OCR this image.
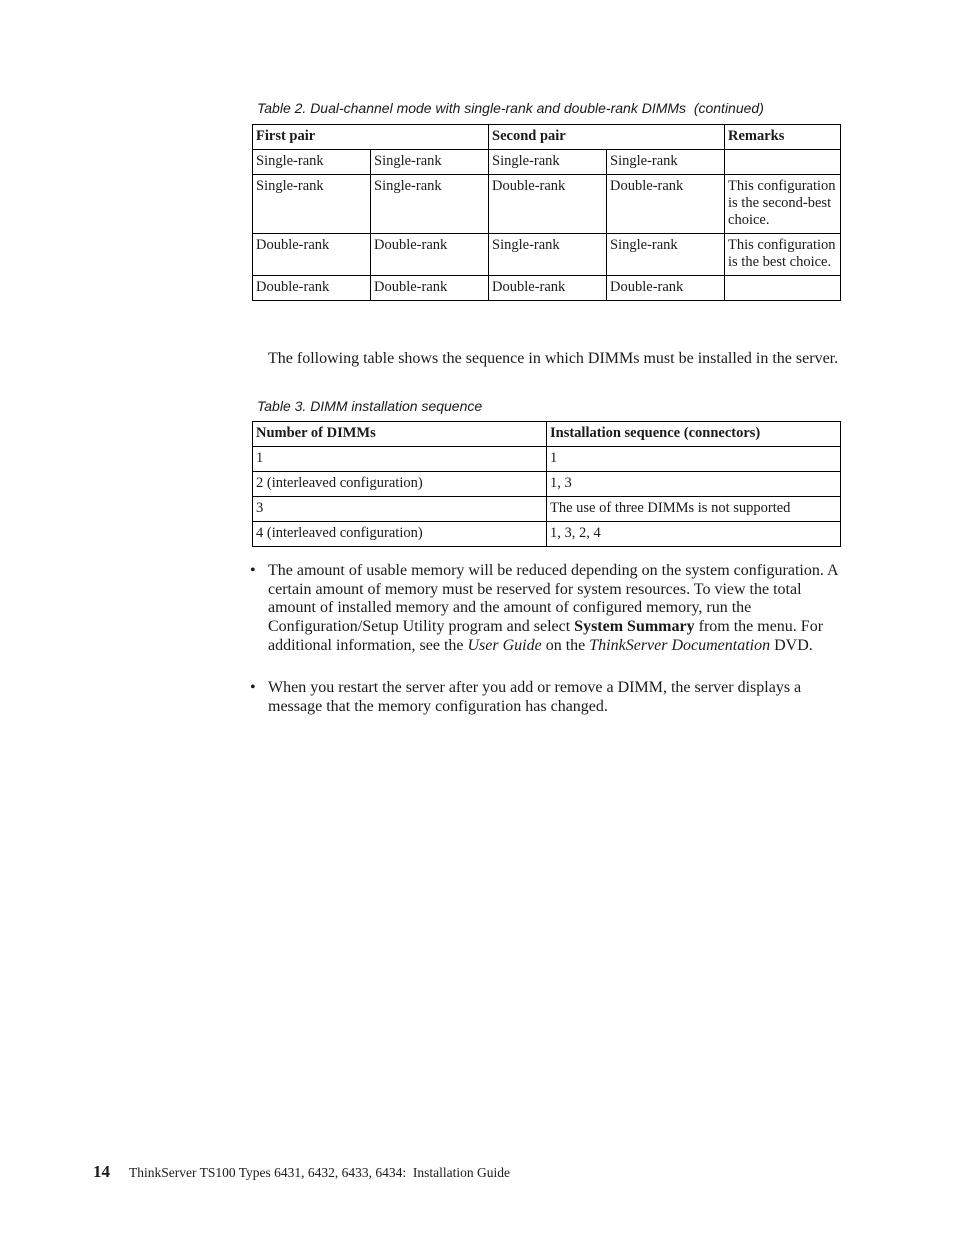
Table 2. Dual-channel mode with single-rank and double-rank DIMMs  (continued)
First pair		Second pair		Remarks
Single-rank	Single-rank	Single-rank	Single-rank	
Single-rank	Single-rank	Double-rank	Double-rank	This configuration is the second-best choice.
Double-rank	Double-rank	Single-rank	Single-rank	This configuration is the best choice.
Double-rank	Double-rank	Double-rank	Double-rank	

The following table shows the sequence in which DIMMs must be installed in the server.

Table 3. DIMM installation sequence
Number of DIMMs	Installation sequence (connectors)
1	1
2 (interleaved configuration)	1, 3
3	The use of three DIMMs is not supported
4 (interleaved configuration)	1, 3, 2, 4
• The amount of usable memory will be reduced depending on the system configuration. A certain amount of memory must be reserved for system resources. To view the total amount of installed memory and the amount of configured memory, run the Configuration/Setup Utility program and select System Summary from the menu. For additional information, see the User Guide on the ThinkServer Documentation DVD.

• When you restart the server after you add or remove a DIMM, the server displays a message that the memory configuration has changed.

14 ThinkServer TS100 Types 6431, 6432, 6433, 6434:  Installation Guide
